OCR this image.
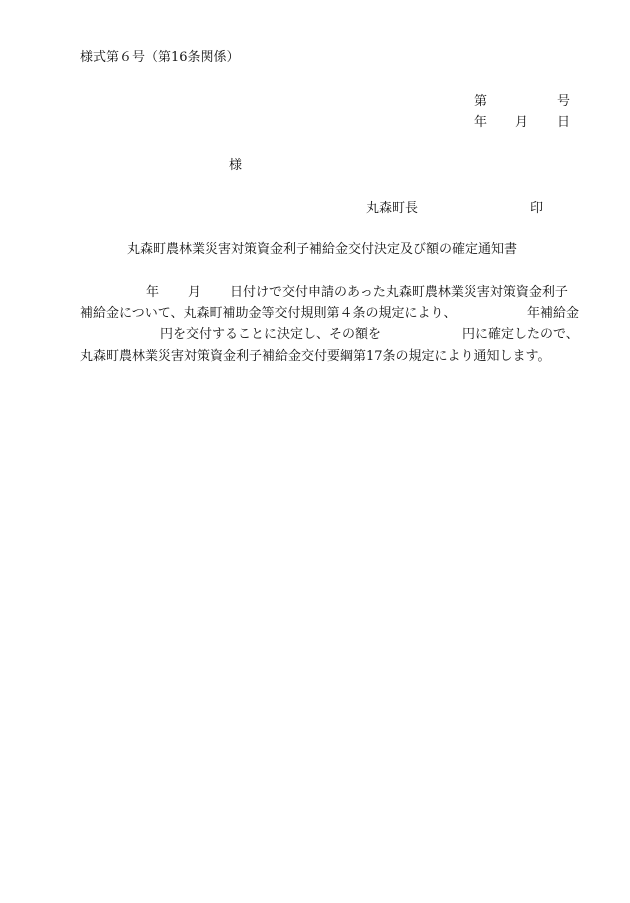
様式第６号（第16条関係）
第	号
年 月 日
様
丸森町長	印
丸森町農林業災害対策資金利子補給金交付決定及び額の確定通知書
年 月 日付けで交付申請のあった丸森町農林業災害対策資金利子
補給金について、丸森町補助金等交付規則第４条の規定により、	年補給金
円を交付することに決定し、その額を	円に確定したので、
丸森町農林業災害対策資金利子補給金交付要綱第17条の規定により通知します。
